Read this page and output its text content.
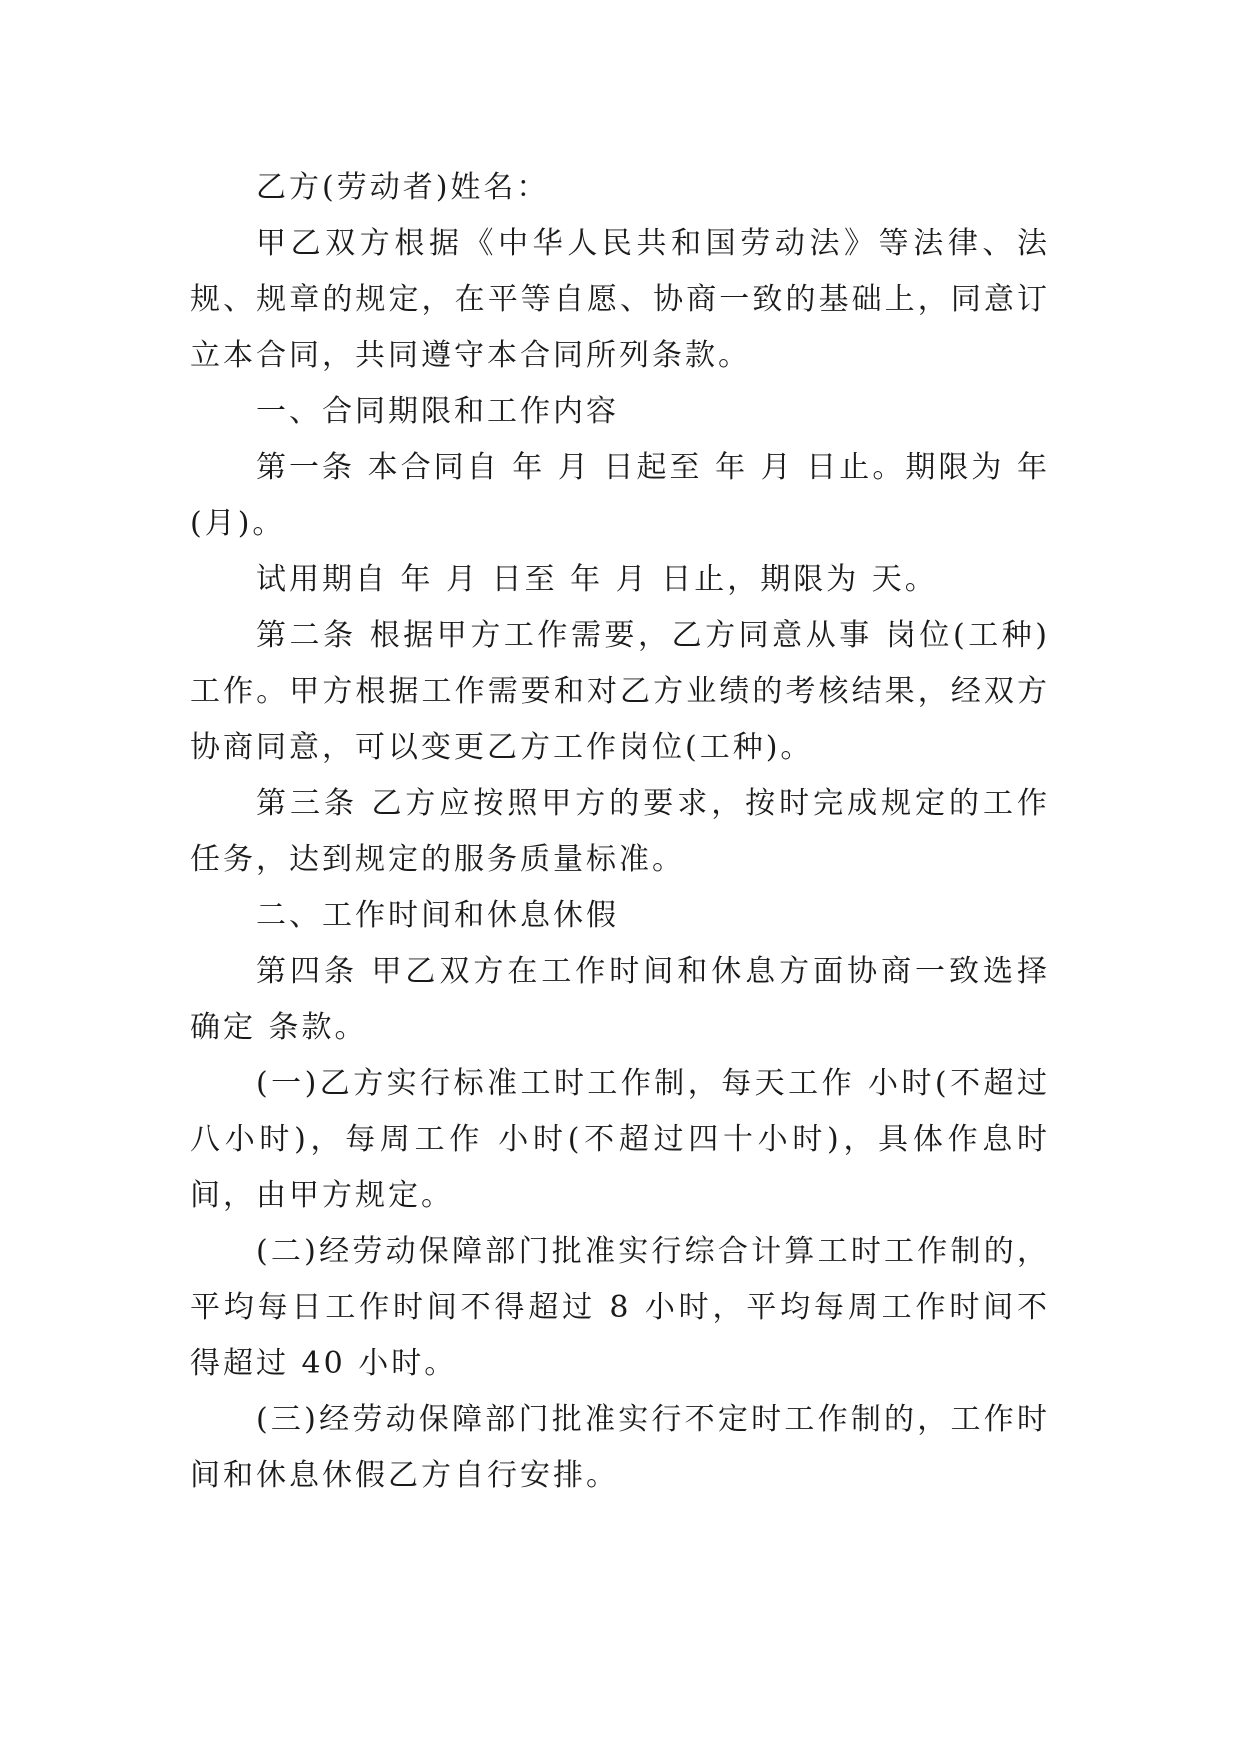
乙方(劳动者)姓名：

甲乙双方根据《中华人民共和国劳动法》等法律、法规、规章的规定，在平等自愿、协商一致的基础上，同意订立本合同，共同遵守本合同所列条款。

一、合同期限和工作内容

第一条 本合同自 年 月 日起至 年 月 日止。期限为 年(月)。

试用期自 年 月 日至 年 月 日止，期限为 天。

第二条 根据甲方工作需要，乙方同意从事 岗位(工种)工作。甲方根据工作需要和对乙方业绩的考核结果，经双方协商同意，可以变更乙方工作岗位(工种)。

第三条 乙方应按照甲方的要求，按时完成规定的工作任务，达到规定的服务质量标准。

二、工作时间和休息休假

第四条 甲乙双方在工作时间和休息方面协商一致选择确定 条款。

(一)乙方实行标准工时工作制，每天工作 小时(不超过八小时)，每周工作 小时(不超过四十小时)，具体作息时间，由甲方规定。

(二)经劳动保障部门批准实行综合计算工时工作制的，平均每日工作时间不得超过 8 小时，平均每周工作时间不得超过 40 小时。

(三)经劳动保障部门批准实行不定时工作制的，工作时间和休息休假乙方自行安排。
